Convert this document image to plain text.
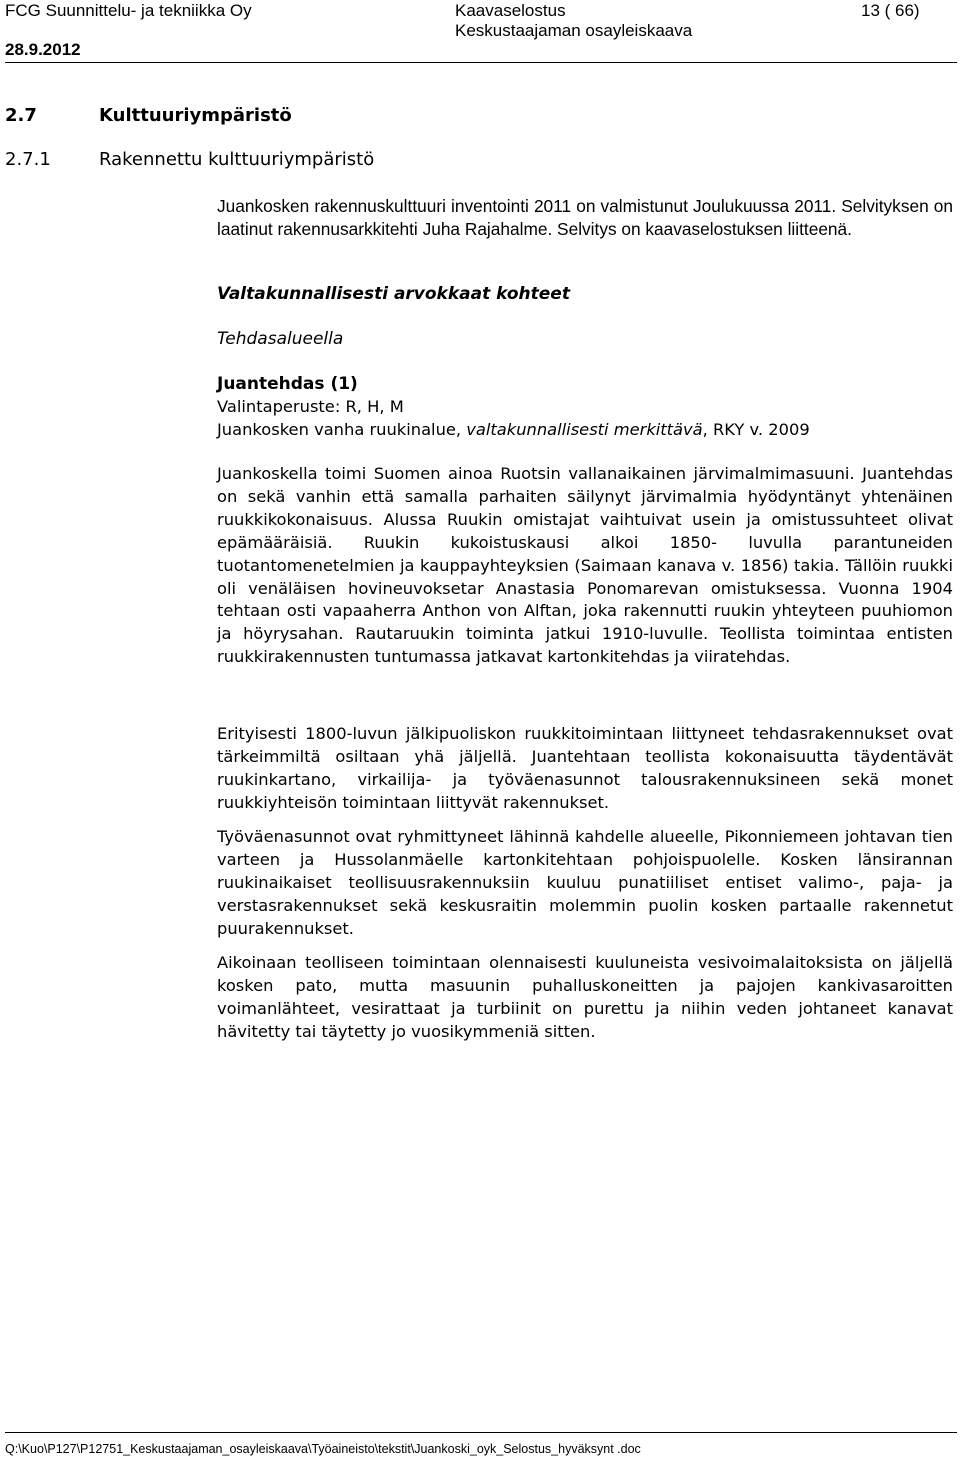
FCG Suunnittelu- ja tekniikka Oy
28.9.2012
Kaavaselostus
Keskustaajaman osayleiskaava
13 ( 66)
2.7	Kulttuuriympäristö
2.7.1	Rakennettu kulttuuriympäristö

Juankosken rakennuskulttuuri inventointi 2011 on valmistunut Joulukuussa 2011. Selvityksen on laatinut rakennusarkkitehti Juha Rajahalme. Selvitys on kaavaselostuksen liitteenä.

Valtakunnallisesti arvokkaat kohteet

Tehdasalueella

Juantehdas (1)

Valintaperuste: R, H, M

Juankosken vanha ruukinalue, valtakunnallisesti merkittävä, RKY v. 2009

Juankoskella toimi Suomen ainoa Ruotsin vallanaikainen järvimalmimasuuni. Juantehdas on sekä vanhin että samalla parhaiten säilynyt järvimalmia hyödyntänyt yhtenäinen ruukkikokonaisuus. Alussa Ruukin omistajat vaihtuivat usein ja omistussuhteet olivat epämääräisiä. Ruukin kukoistuskausi alkoi 1850- luvulla parantuneiden tuotantomenetelmien ja kauppayhteyksien (Saimaan kanava v. 1856) takia. Tällöin ruukki oli venäläisen hovineuvoksetar Anastasia Ponomarevan omistuksessa. Vuonna 1904 tehtaan osti vapaaherra Anthon von Alftan, joka rakennutti ruukin yhteyteen puuhiomon ja höyrysahan. Rautaruukin toiminta jatkui 1910-luvulle. Teollista toimintaa entisten ruukkirakennusten tuntumassa jatkavat kartonkitehdas ja viiratehdas.

Erityisesti 1800-luvun jälkipuoliskon ruukkitoimintaan liittyneet tehdasrakennukset ovat tärkeimmiltä osiltaan yhä jäljellä. Juantehtaan teollista kokonaisuutta täydentävät ruukinkartano, virkailija- ja työväenasunnot talousrakennuksineen sekä monet ruukkiyhteisön toimintaan liittyvät rakennukset.

Työväenasunnot ovat ryhmittyneet lähinnä kahdelle alueelle, Pikonniemeen johtavan tien varteen ja Hussolanmäelle kartonkitehtaan pohjoispuolelle. Kosken länsirannan ruukinaikaiset teollisuusrakennuksiin kuuluu punatiiliset entiset valimo-, paja- ja verstasrakennukset sekä keskusraitin molemmin puolin kosken partaalle rakennetut puurakennukset.

Aikoinaan teolliseen toimintaan olennaisesti kuuluneista vesivoimalaitoksista on jäljellä kosken pato, mutta masuunin puhalluskoneitten ja pajojen kankivasaroitten voimanlähteet, vesirattaat ja turbiinit on purettu ja niihin veden johtaneet kanavat hävitetty tai täytetty jo vuosikymmeniä sitten.

Q:\Kuo\P127\P12751_Keskustaajaman_osayleiskaava\Työaineisto\tekstit\Juankoski_oyk_Selostus_hyväksynt .doc
